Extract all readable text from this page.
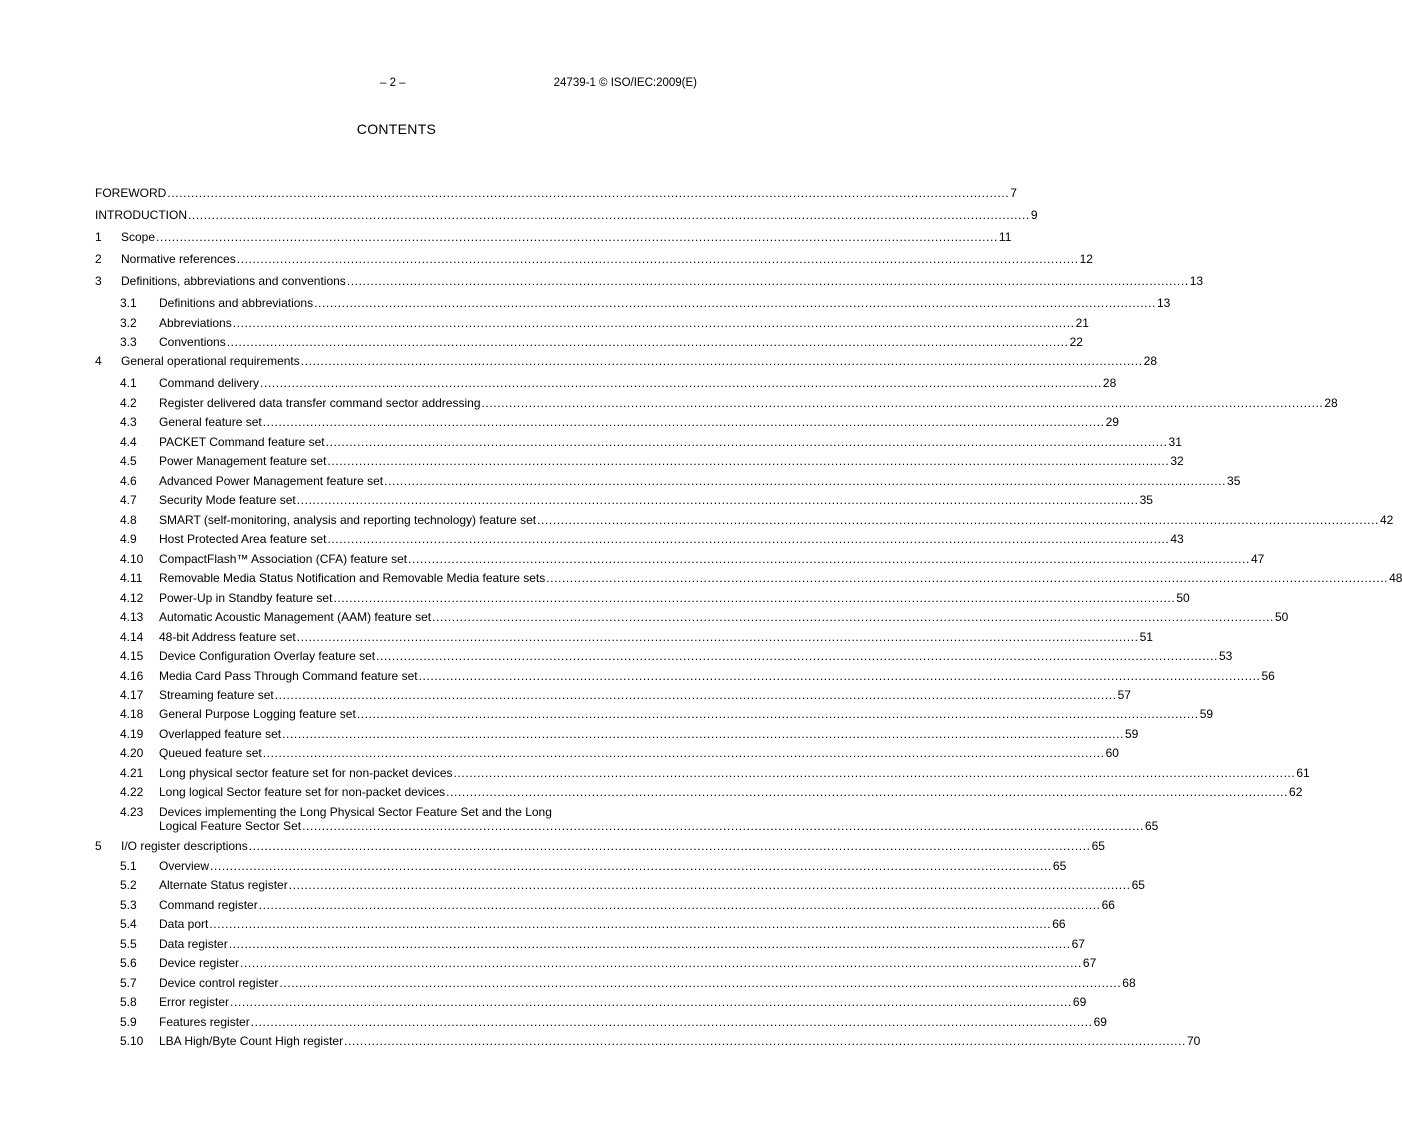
– 2 –	24739-1 © ISO/IEC:2009(E)
CONTENTS
FOREWORD .....	7
INTRODUCTION .....	9
1	Scope .....	11
2	Normative references .....	12
3	Definitions, abbreviations and conventions .....	13
3.1	Definitions and abbreviations .....	13
3.2	Abbreviations .....	21
3.3	Conventions .....	22
4	General operational requirements .....	28
4.1	Command delivery .....	28
4.2	Register delivered data transfer command sector addressing .....	28
4.3	General feature set .....	29
4.4	PACKET Command feature set .....	31
4.5	Power Management feature set .....	32
4.6	Advanced Power Management feature set .....	35
4.7	Security Mode feature set .....	35
4.8	SMART (self-monitoring, analysis and reporting technology) feature set .....	42
4.9	Host Protected Area feature set .....	43
4.10	CompactFlash™ Association (CFA) feature set .....	47
4.11	Removable Media Status Notification and Removable Media feature sets .....	48
4.12	Power-Up in Standby feature set .....	50
4.13	Automatic Acoustic Management (AAM) feature set .....	50
4.14	48-bit Address feature set .....	51
4.15	Device Configuration Overlay feature set .....	53
4.16	Media Card Pass Through Command feature set .....	56
4.17	Streaming feature set .....	57
4.18	General Purpose Logging feature set .....	59
4.19	Overlapped feature set .....	59
4.20	Queued feature set .....	60
4.21	Long physical sector feature set for non-packet devices .....	61
4.22	Long logical Sector feature set for non-packet devices .....	62
4.23	Devices implementing the Long Physical Sector Feature Set and the Long
Logical Feature Sector Set .....	65
5	I/O register descriptions .....	65
5.1	Overview .....	65
5.2	Alternate Status register .....	65
5.3	Command register .....	66
5.4	Data port .....	66
5.5	Data register .....	67
5.6	Device register .....	67
5.7	Device control register .....	68
5.8	Error register .....	69
5.9	Features register .....	69
5.10	LBA High/Byte Count High register .....	70
